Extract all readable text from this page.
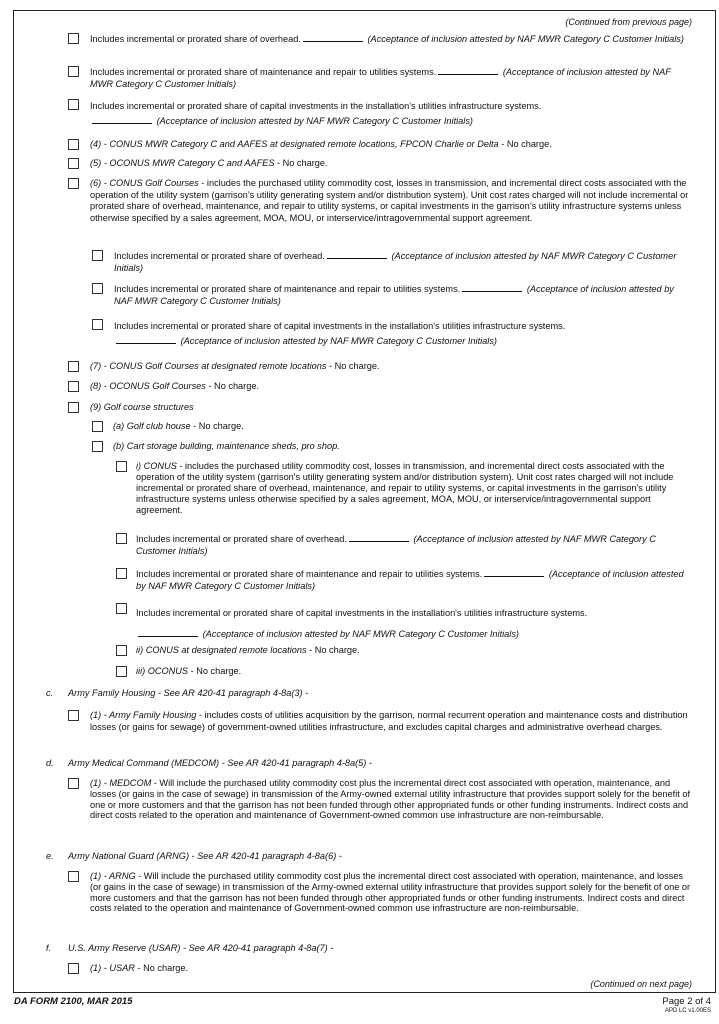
(Continued from previous page)
Includes incremental or prorated share of overhead.	(Acceptance of inclusion attested by NAF MWR Category C Customer Initials)
Includes incremental or prorated share of maintenance and repair to utilities systems.	(Acceptance of inclusion attested by NAF MWR Category C Customer Initials)
Includes incremental or prorated share of capital investments in the installation’s utilities infrastructure systems.
(Acceptance of inclusion attested by NAF MWR Category C Customer Initials)
(4) - CONUS MWR Category C and AAFES at designated remote locations, FPCON Charlie or Delta - No charge.
(5) - OCONUS MWR Category C and AAFES - No charge.
(6) - CONUS Golf Courses - includes the purchased utility commodity cost, losses in transmission, and incremental direct costs associated with the operation of the utility system (garrison’s utility generating system and/or distribution system). Unit cost rates charged will not include incremental or prorated share of overhead, maintenance, and repair to utility systems, or capital investments in the garrison’s utility infrastructure systems unless otherwise specified by a sales agreement, MOA, MOU, or interservice/intragovernmental support agreement.
Includes incremental or prorated share of overhead.	(Acceptance of inclusion attested by NAF MWR Category C Customer Initials)
Includes incremental or prorated share of maintenance and repair to utilities systems.	(Acceptance of inclusion attested by NAF MWR Category C Customer Initials)
Includes incremental or prorated share of capital investments in the installation’s utilities infrastructure systems.
(Acceptance of inclusion attested by NAF MWR Category C Customer Initials)
(7) - CONUS Golf Courses at designated remote locations - No charge.
(8) - OCONUS Golf Courses - No charge.
(9) Golf course structures
(a) Golf club house - No charge.
(b) Cart storage building, maintenance sheds, pro shop.
i) CONUS - includes the purchased utility commodity cost, losses in transmission, and incremental direct costs associated with the operation of the utility system (garrison's utility generating system and/or distribution system). Unit cost rates charged will not include incremental or prorated share of overhead, maintenance, and repair to utility systems, or capital investments in the garrison's utility infrastructure systems unless otherwise specified by a sales agreement, MOA, MOU, or interservice/intragovernmental support agreement.
Includes incremental or prorated share of overhead.	(Acceptance of inclusion attested by NAF MWR Category C Customer Initials)
Includes incremental or prorated share of maintenance and repair to utilities systems.	(Acceptance of inclusion attested by NAF MWR Category C Customer Initials)
Includes incremental or prorated share of capital investments in the installation's utilities infrastructure systems.
(Acceptance of inclusion attested by NAF MWR Category C Customer Initials)
ii) CONUS at designated remote locations - No charge.
iii) OCONUS - No charge.
c. Army Family Housing - See AR 420-41 paragraph 4-8a(3) -
(1) - Army Family Housing - includes costs of utilities acquisition by the garrison, normal recurrent operation and maintenance costs and distribution losses (or gains for sewage) of government-owned utilities infrastructure, and excludes capital charges and administrative overhead charges.
d. Army Medical Command (MEDCOM) - See AR 420-41 paragraph 4-8a(5) -
(1) - MEDCOM - Will include the purchased utility commodity cost plus the incremental direct cost associated with operation, maintenance, and losses (or gains in the case of sewage) in transmission of the Army-owned external utility infrastructure that provides support solely for the benefit of one or more customers and that the garrison has not been funded through other appropriated funds or other funding instruments. Indirect costs and direct costs related to the operation and maintenance of Government-owned common use infrastructure are non-reimbursable.
e. Army National Guard (ARNG) - See AR 420-41 paragraph 4-8a(6) -
(1) - ARNG - Will include the purchased utility commodity cost plus the incremental direct cost associated with operation, maintenance, and losses (or gains in the case of sewage) in transmission of the Army-owned external utility infrastructure that provides support solely for the benefit of one or more customers and that the garrison has not been funded through other appropriated funds or other funding instruments. Indirect costs and direct costs related to the operation and maintenance of Government-owned common use infrastructure are non-reimbursable.
f. U.S. Army Reserve (USAR) - See AR 420-41 paragraph 4-8a(7) -
(1) - USAR - No charge.
(Continued on next page)
DA FORM 2100, MAR 2015	Page 2 of 4
APD LC v1.00ES
